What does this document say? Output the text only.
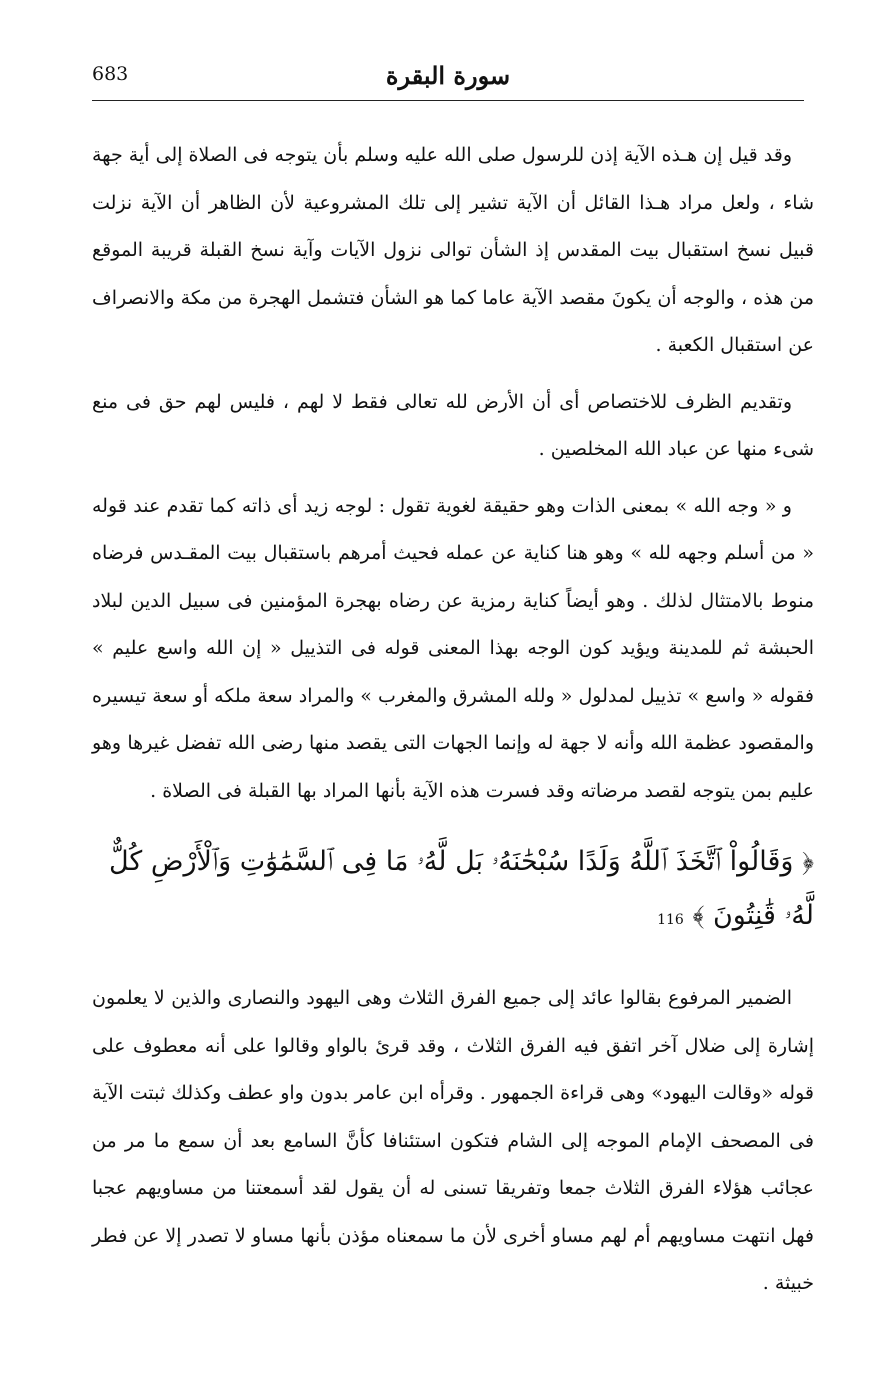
683	سورة البقرة

وقد قيل إن هـذه الآية إذن للرسول صلى الله عليه وسلم بأن يتوجه فى الصلاة إلى أية جهة شاء ، ولعل مراد هـذا القائل أن الآية تشير إلى تلك المشروعية لأن الظاهر أن الآية نزلت قبيل نسخ استقبال بيت المقدس إذ الشأن توالى نزول الآيات وآية نسخ القبلة قريبة الموقع من هذه ، والوجه أن يكونَ مقصد الآية عاما كما هو الشأن فتشمل الهجرة من مكة والانصراف عن استقبال الكعبة .

وتقديم الظرف للاختصاص أى أن الأرض لله تعالى فقط لا لهم ، فليس لهم حق فى منع شىء منها عن عباد الله المخلصين .

و « وجه الله » بمعنى الذات وهو حقيقة لغوية تقول : لوجه زيد أى ذاته كما تقدم عند قوله « من أسلم وجهه لله » وهو هنا كناية عن عمله فحيث أمرهم باستقبال بيت المقـدس فرضاه منوط بالامتثال لذلك . وهو أيضاً كناية رمزية عن رضاه بهجرة المؤمنين فى سبيل الدين لبلاد الحبشة ثم للمدينة ويؤيد كون الوجه بهذا المعنى قوله فى التذييل « إن الله واسع عليم » فقوله « واسع » تذييل لمدلول « ولله المشرق والمغرب » والمراد سعة ملكه أو سعة تيسيره والمقصود عظمة الله وأنه لا جهة له وإنما الجهات التى يقصد منها رضى الله تفضل غيرها وهو عليم بمن يتوجه لقصد مرضاته وقد فسرت هذه الآية بأنها المراد بها القبلة فى الصلاة .

﴿ وَقَالُواْ ٱتَّخَذَ ٱللَّهُ وَلَدًا سُبْحَٰنَهُۥ بَل لَّهُۥ مَا فِى ٱلسَّمَٰوَٰتِ وَٱلْأَرْضِ كُلٌّ لَّهُۥ قَٰنِتُونَ ﴾ 116

الضمير المرفوع بقالوا عائد إلى جميع الفرق الثلاث وهى اليهود والنصارى والذين لا يعلمون إشارة إلى ضلال آخر اتفق فيه الفرق الثلاث ، وقد قرئ بالواو وقالوا على أنه معطوف على قوله «وقالت اليهود» وهى قراءة الجمهور . وقرأه ابن عامر بدون واو عطف وكذلك ثبتت الآية فى المصحف الإمام الموجه إلى الشام فتكون استئنافا كأنَّ السامع بعد أن سمع ما مر من عجائب هؤلاء الفرق الثلاث جمعا وتفريقا تسنى له أن يقول لقد أسمعتنا من مساويهم عجبا فهل انتهت مساويهم أم لهم مساو أخرى لأن ما سمعناه مؤذن بأنها مساو لا تصدر إلا عن فطر خبيثة .
